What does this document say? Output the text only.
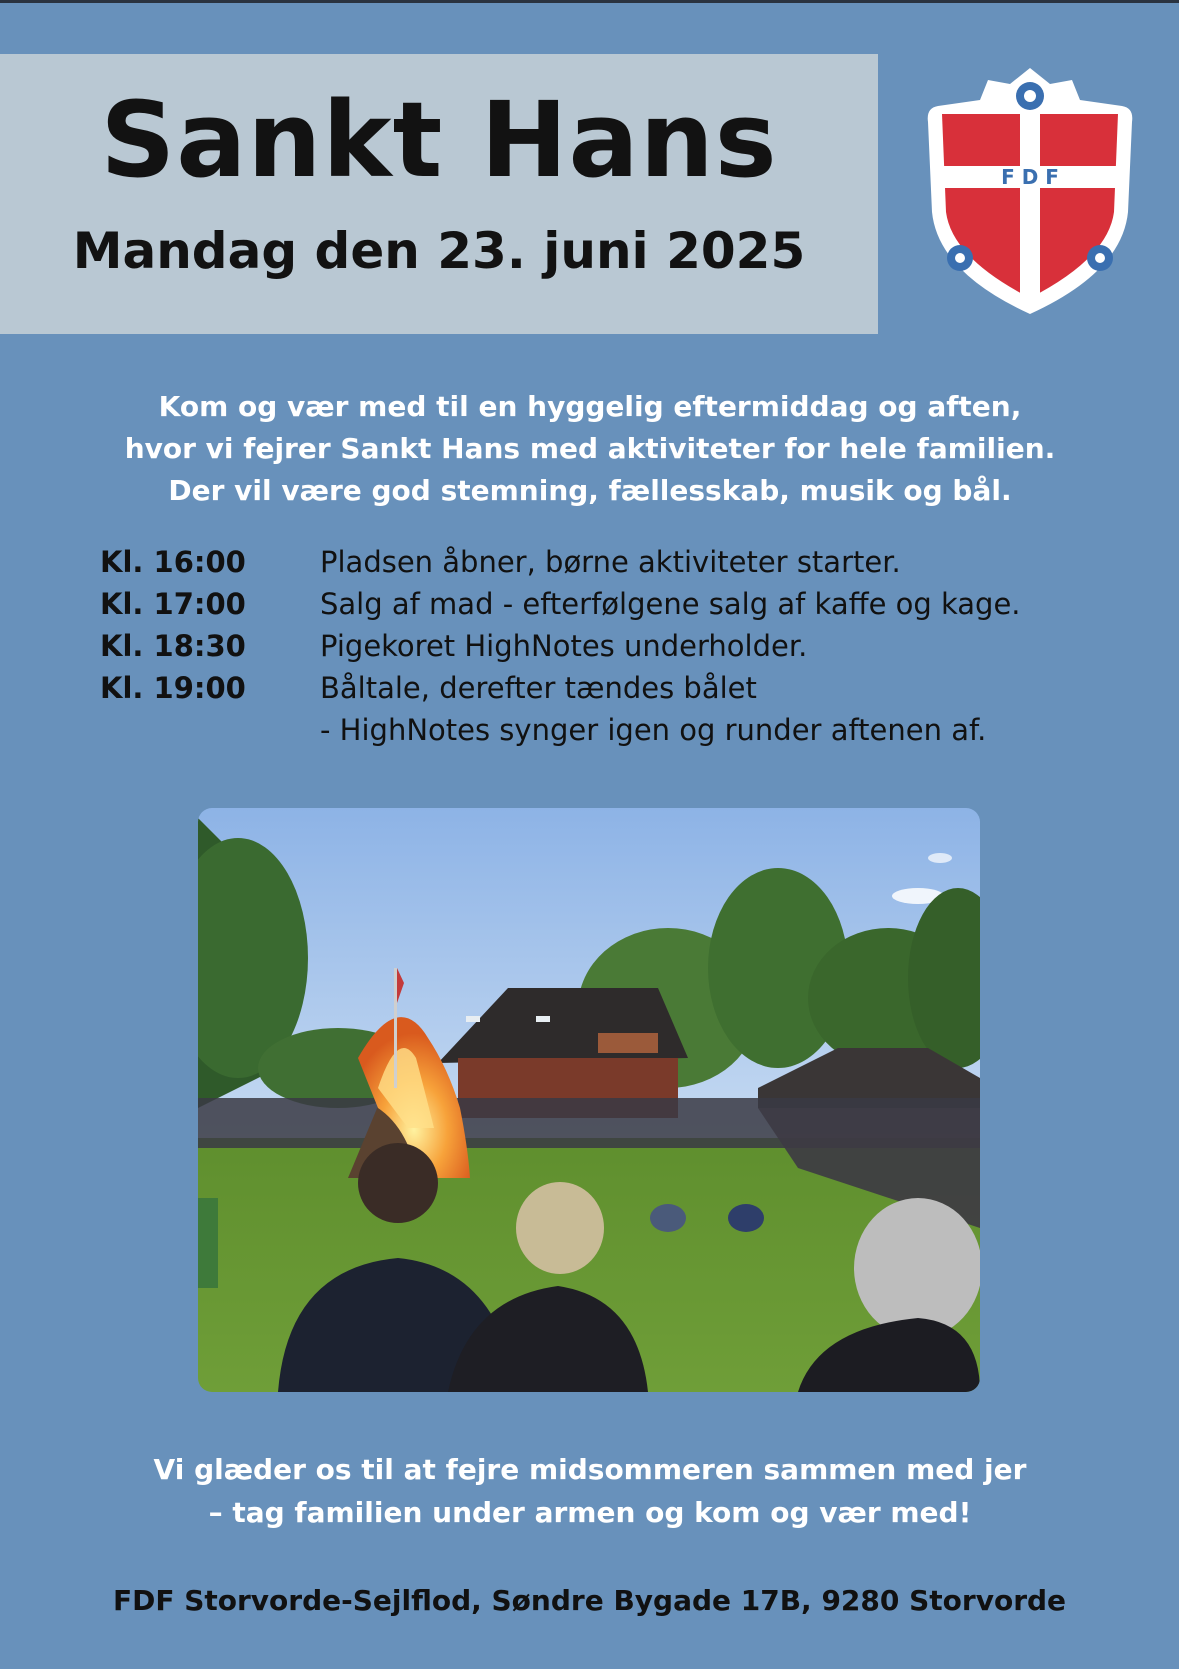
Sankt Hans
Mandag den 23. juni 2025
F D F
Kom og vær med til en hyggelig eftermiddag og aften,
hvor vi fejrer Sankt Hans med aktiviteter for hele familien.
Der vil være god stemning, fællesskab, musik og bål.
Kl. 16:00	Pladsen åbner, børne aktiviteter starter.
Kl. 17:00	Salg af mad - efterfølgene salg af kaffe og kage.
Kl. 18:30	Pigekoret HighNotes underholder.
Kl. 19:00	Båltale, derefter tændes bålet
- HighNotes synger igen og runder aftenen af.
Vi glæder os til at fejre midsommeren sammen med jer
– tag familien under armen og kom og vær med!
FDF Storvorde-Sejlflod, Søndre Bygade 17B, 9280 Storvorde
